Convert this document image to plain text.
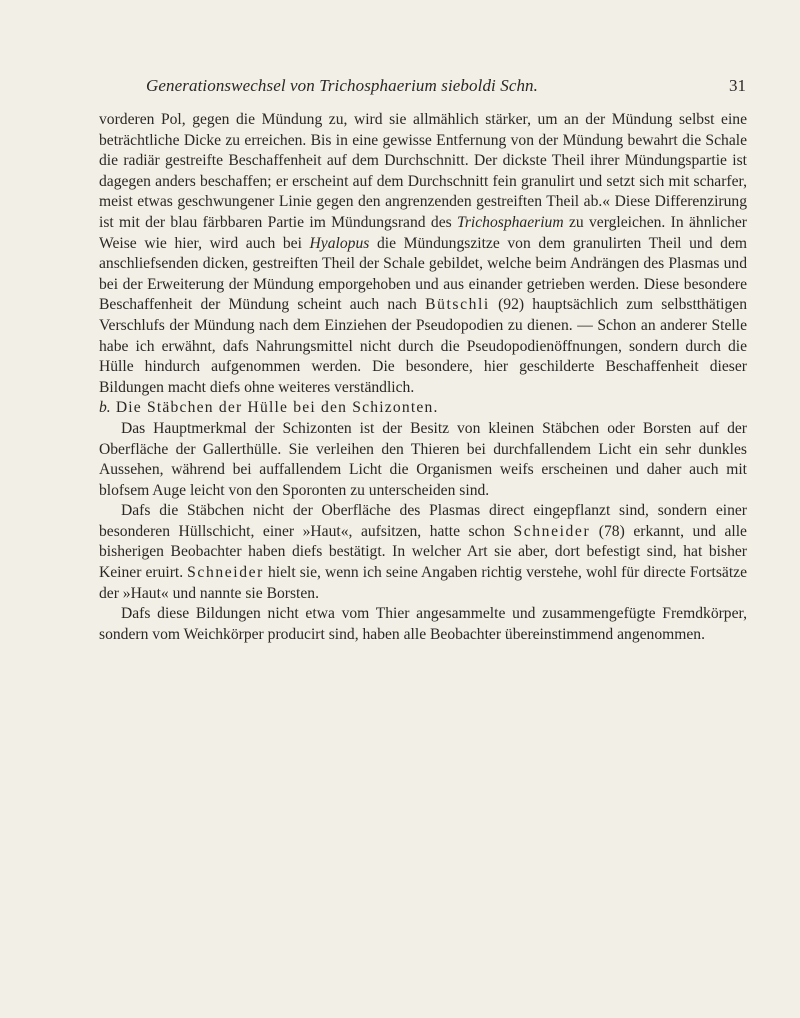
Generationswechsel von Trichosphaerium sieboldi Schn.	31

vorderen Pol, gegen die Mündung zu, wird sie allmählich stärker, um an der Mündung selbst eine beträchtliche Dicke zu erreichen. Bis in eine gewisse Entfernung von der Mündung bewahrt die Schale die radiär gestreifte Beschaffenheit auf dem Durchschnitt. Der dickste Theil ihrer Mündungspartie ist dagegen anders beschaffen; er erscheint auf dem Durchschnitt fein granulirt und setzt sich mit scharfer, meist etwas geschwungener Linie gegen den angrenzenden gestreiften Theil ab.« Diese Differenzirung ist mit der blau färbbaren Partie im Mündungsrand des Trichosphaerium zu vergleichen. In ähnlicher Weise wie hier, wird auch bei Hyalopus die Mündungszitze von dem granulirten Theil und dem anschliefsenden dicken, gestreiften Theil der Schale gebildet, welche beim Andrängen des Plasmas und bei der Erweiterung der Mündung emporgehoben und aus einander getrieben werden. Diese besondere Beschaffenheit der Mündung scheint auch nach Bütschli (92) hauptsächlich zum selbstthätigen Verschlufs der Mündung nach dem Einziehen der Pseudopodien zu dienen. — Schon an anderer Stelle habe ich erwähnt, dafs Nahrungsmittel nicht durch die Pseudopodienöffnungen, sondern durch die Hülle hindurch aufgenommen werden. Die besondere, hier geschilderte Beschaffenheit dieser Bildungen macht diefs ohne weiteres verständlich.

b. Die Stäbchen der Hülle bei den Schizonten.

Das Hauptmerkmal der Schizonten ist der Besitz von kleinen Stäbchen oder Borsten auf der Oberfläche der Gallerthülle. Sie verleihen den Thieren bei durchfallendem Licht ein sehr dunkles Aussehen, während bei auffallendem Licht die Organismen weifs erscheinen und daher auch mit blofsem Auge leicht von den Sporonten zu unterscheiden sind.

Dafs die Stäbchen nicht der Oberfläche des Plasmas direct eingepflanzt sind, sondern einer besonderen Hüllschicht, einer »Haut«, aufsitzen, hatte schon Schneider (78) erkannt, und alle bisherigen Beobachter haben diefs bestätigt. In welcher Art sie aber, dort befestigt sind, hat bisher Keiner eruirt. Schneider hielt sie, wenn ich seine Angaben richtig verstehe, wohl für directe Fortsätze der »Haut« und nannte sie Borsten.

Dafs diese Bildungen nicht etwa vom Thier angesammelte und zusammengefügte Fremdkörper, sondern vom Weichkörper producirt sind, haben alle Beobachter übereinstimmend angenommen.
